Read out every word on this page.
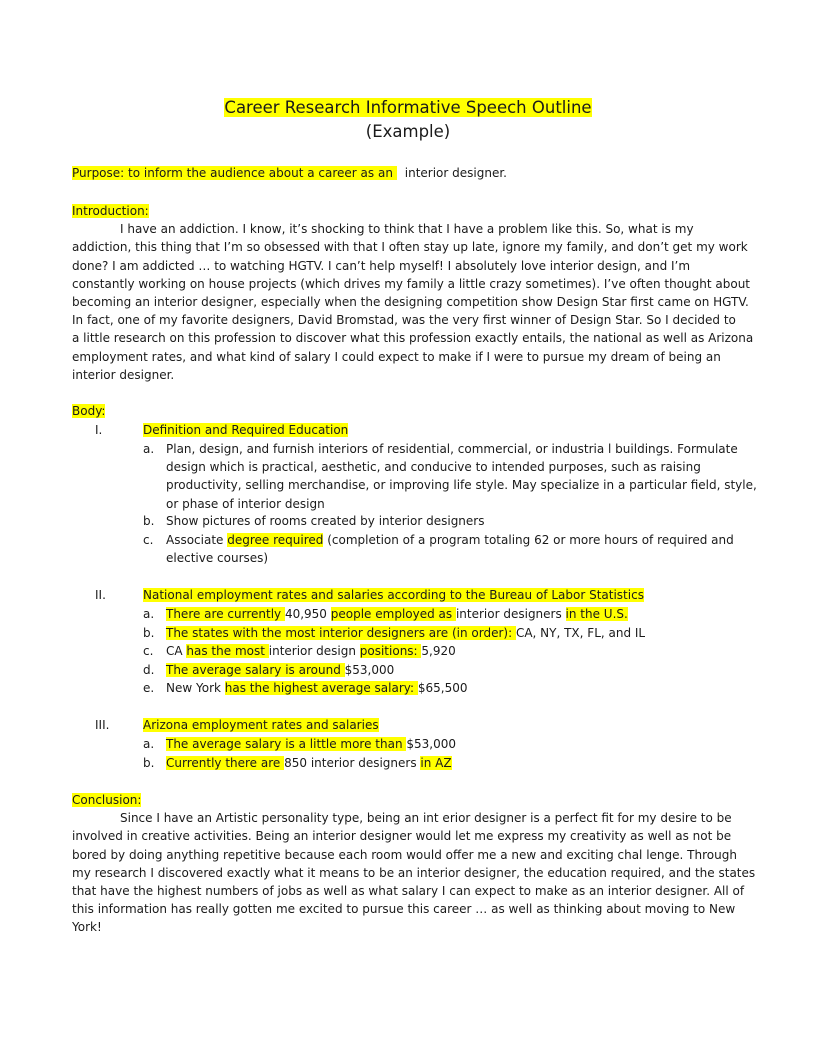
Career Research Informative Speech Outline
(Example)
Purpose: to inform the audience about a career as an interior designer.
Introduction:
I have an addiction. I know, it’s shocking to think that I have a problem like this. So, what is my
addiction, this thing that I’m so obsessed with that I often stay up late, ignore my family, and don’t get my work
done? I am addicted … to watching HGTV. I can’t help myself! I absolutely love interior design, and I’m
constantly working on house projects (which drives my family a little crazy sometimes). I’ve often thought about
becoming an interior designer, especially when the designing competition show Design Star first came on HGTV.
In fact, one of my favorite designers, David Bromstad, was the very first winner of Design Star. So I decided to
a little research on this profession to discover what this profession exactly entails, the national as well as Arizona
employment rates, and what kind of salary I could expect to make if I were to pursue my dream of being an
interior designer.
Body:
I.	Definition and Required Education
a. Plan, design, and furnish interiors of residential, commercial, or industria l buildings. Formulate
design which is practical, aesthetic, and conducive to intended purposes, such as raising
productivity, selling merchandise, or improving life style. May specialize in a particular field, style,
or phase of interior design
b. Show pictures of rooms created by interior designers
c.	Associate degree required (completion of a program totaling 62 or more hours of required and
elective courses)
II.	National employment rates and salaries according to the Bureau of Labor Statistics
a. There are currently 40,950 people employed as interior designers in the U.S.
b. The states with the most interior designers are (in order): CA, NY, TX, FL, and IL
c.	CA has the most interior design positions: 5,920
d. The average salary is around $53,000
e. New York has the highest average salary: $65,500
III.	Arizona employment rates and salaries
a. The average salary is a little more than $53,000
b. Currently there are 850 interior designers in AZ
Conclusion:
Since I have an Artistic personality type, being an int erior designer is a perfect fit for my desire to be
involved in creative activities. Being an interior designer would let me express my creativity as well as not be
bored by doing anything repetitive because each room would offer me a new and exciting chal lenge. Through
my research I discovered exactly what it means to be an interior designer, the education required, and the states
that have the highest numbers of jobs as well as what salary I can expect to make as an interior designer. All of
this information has really gotten me excited to pursue this career … as well as thinking about moving to New
York!
